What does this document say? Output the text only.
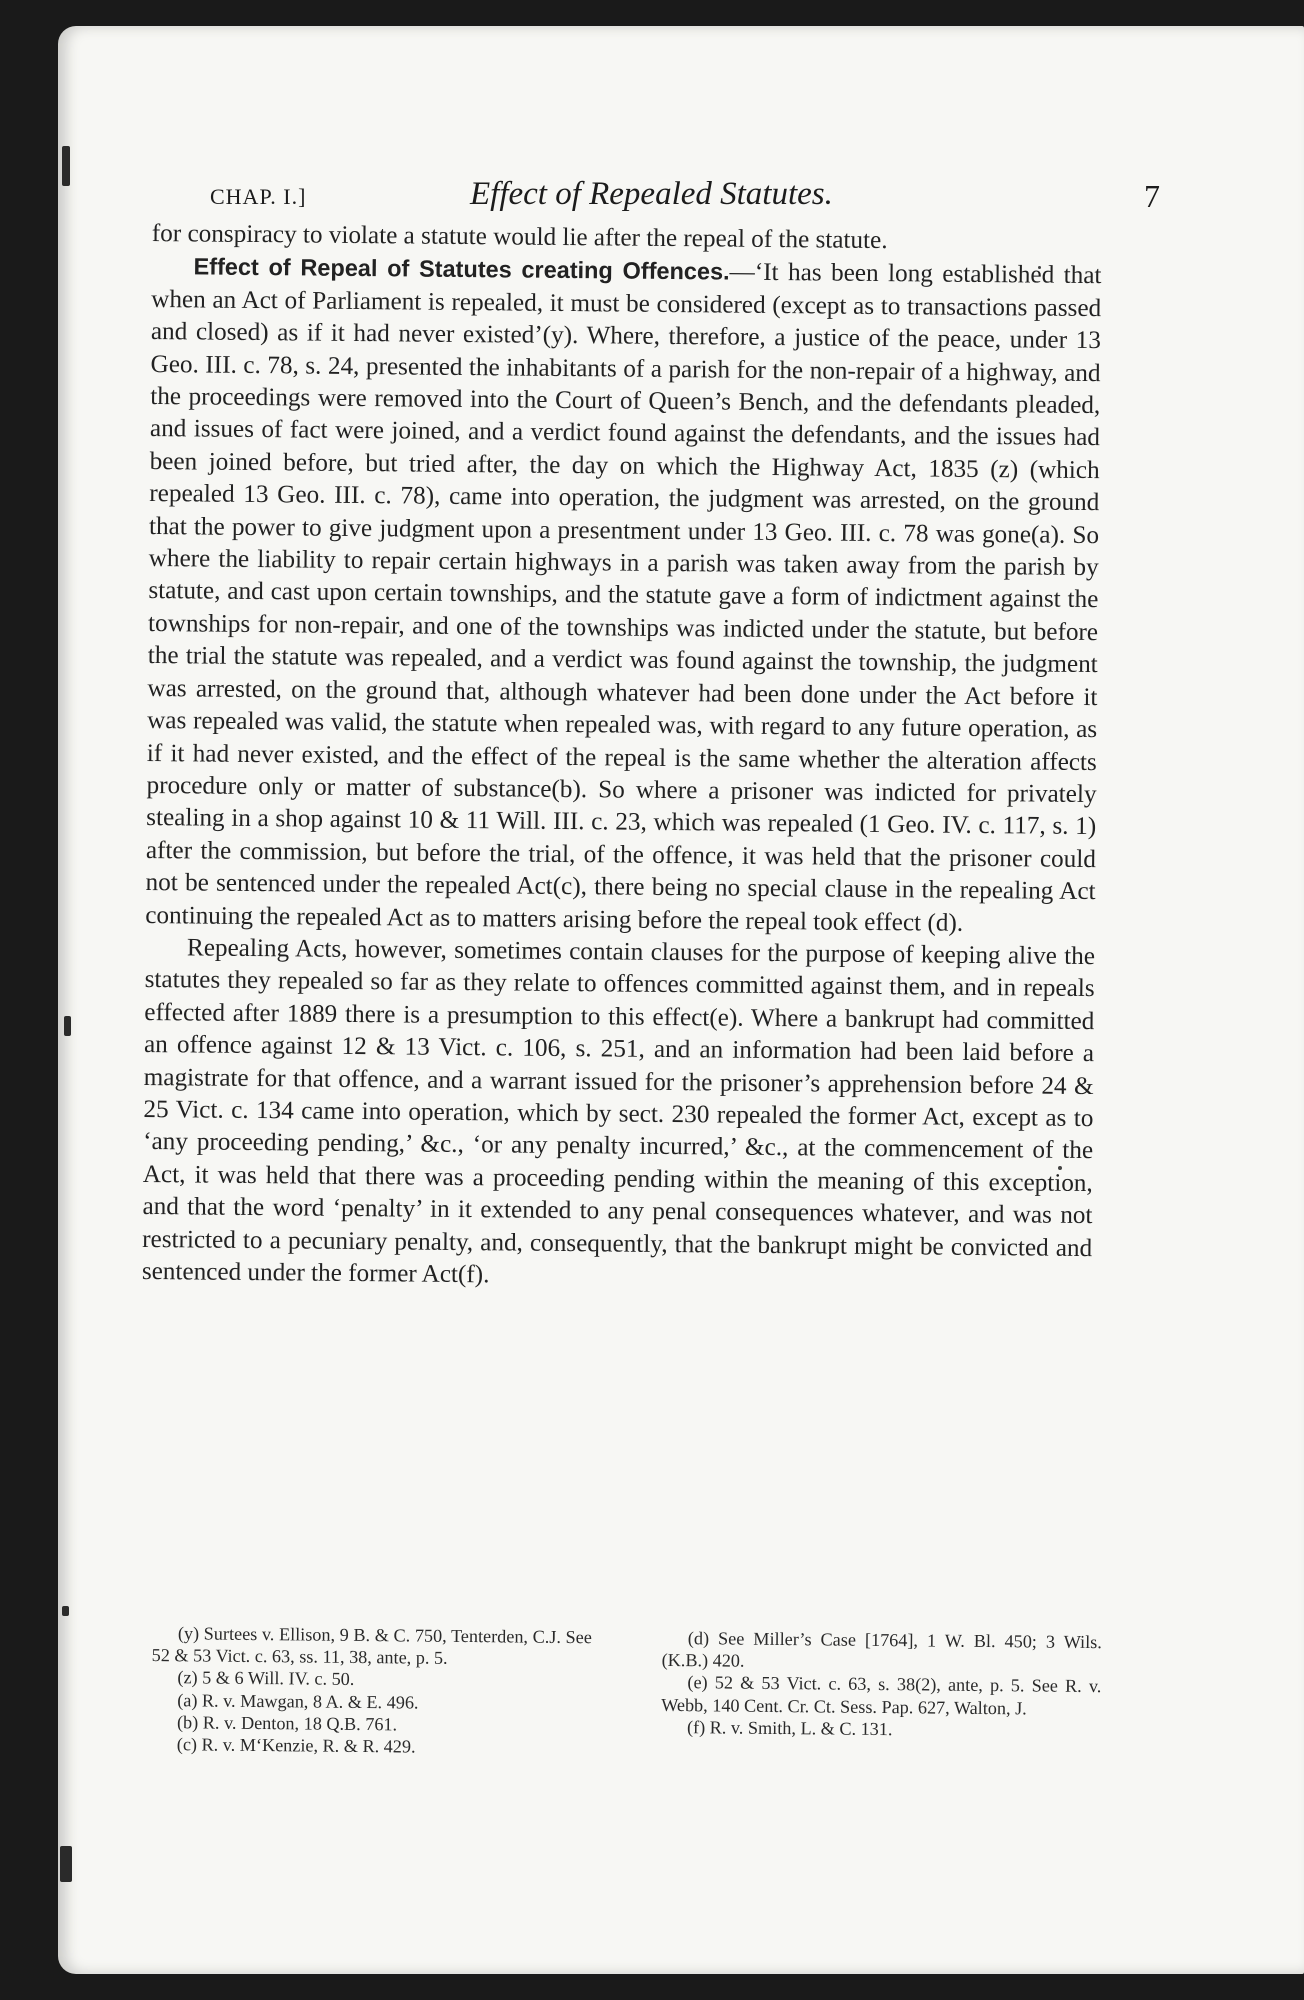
CHAP. I.]	Effect of Repealed Statutes.	7

for conspiracy to violate a statute would lie after the repeal of the statute.

Effect of Repeal of Statutes creating Offences.—‘It has been long established that when an Act of Parliament is repealed, it must be considered (except as to transactions passed and closed) as if it had never existed’(y). Where, therefore, a justice of the peace, under 13 Geo. III. c. 78, s. 24, presented the inhabitants of a parish for the non-repair of a highway, and the proceedings were removed into the Court of Queen’s Bench, and the defendants pleaded, and issues of fact were joined, and a verdict found against the defendants, and the issues had been joined before, but tried after, the day on which the Highway Act, 1835 (z) (which repealed 13 Geo. III. c. 78), came into operation, the judgment was arrested, on the ground that the power to give judgment upon a presentment under 13 Geo. III. c. 78 was gone(a). So where the liability to repair certain highways in a parish was taken away from the parish by statute, and cast upon certain townships, and the statute gave a form of indictment against the townships for non-repair, and one of the townships was indicted under the statute, but before the trial the statute was repealed, and a verdict was found against the township, the judgment was arrested, on the ground that, although whatever had been done under the Act before it was repealed was valid, the statute when repealed was, with regard to any future operation, as if it had never existed, and the effect of the repeal is the same whether the alteration affects procedure only or matter of substance(b). So where a prisoner was indicted for privately stealing in a shop against 10 & 11 Will. III. c. 23, which was repealed (1 Geo. IV. c. 117, s. 1) after the commission, but before the trial, of the offence, it was held that the prisoner could not be sentenced under the repealed Act(c), there being no special clause in the repealing Act continuing the repealed Act as to matters arising before the repeal took effect (d).

Repealing Acts, however, sometimes contain clauses for the purpose of keeping alive the statutes they repealed so far as they relate to offences committed against them, and in repeals effected after 1889 there is a presumption to this effect(e). Where a bankrupt had committed an offence against 12 & 13 Vict. c. 106, s. 251, and an information had been laid before a magistrate for that offence, and a warrant issued for the prisoner’s apprehension before 24 & 25 Vict. c. 134 came into operation, which by sect. 230 repealed the former Act, except as to ‘any proceeding pending,’ &c., ‘or any penalty incurred,’ &c., at the commencement of the Act, it was held that there was a proceeding pending within the meaning of this exception, and that the word ‘penalty’ in it extended to any penal consequences whatever, and was not restricted to a pecuniary penalty, and, consequently, that the bankrupt might be convicted and sentenced under the former Act(f).

(y) Surtees v. Ellison, 9 B. & C. 750, Tenterden, C.J. See 52 & 53 Vict. c. 63, ss. 11, 38, ante, p. 5.

(z) 5 & 6 Will. IV. c. 50.

(a) R. v. Mawgan, 8 A. & E. 496.

(b) R. v. Denton, 18 Q.B. 761.

(c) R. v. M‘Kenzie, R. & R. 429.

(d) See Miller’s Case [1764], 1 W. Bl. 450; 3 Wils. (K.B.) 420.

(e) 52 & 53 Vict. c. 63, s. 38(2), ante, p. 5. See R. v. Webb, 140 Cent. Cr. Ct. Sess. Pap. 627, Walton, J.

(f) R. v. Smith, L. & C. 131.
